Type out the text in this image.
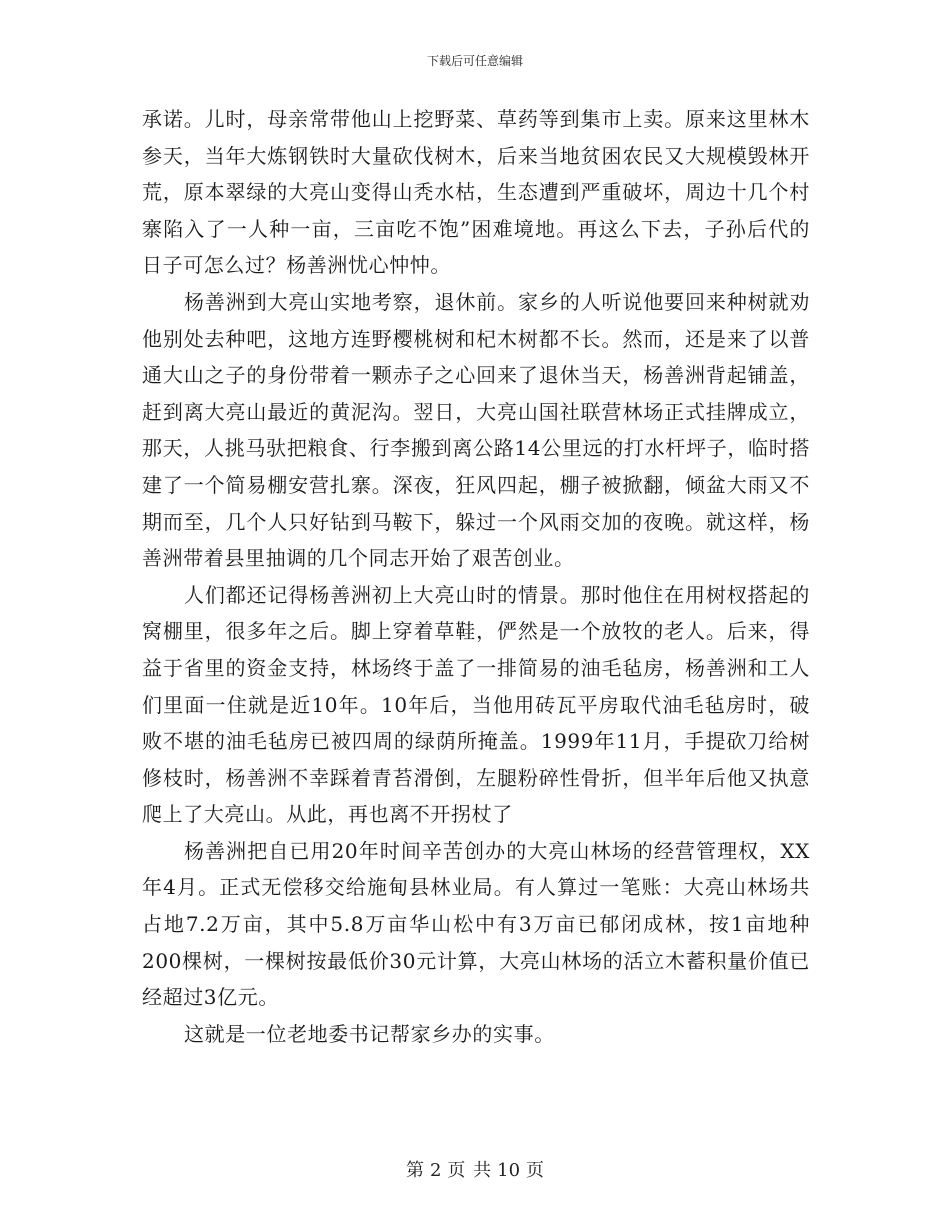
下载后可任意编辑

承诺。儿时，母亲常带他山上挖野菜、草药等到集市上卖。原来这里林木参天，当年大炼钢铁时大量砍伐树木，后来当地贫困农民又大规模毁林开荒，原本翠绿的大亮山变得山秃水枯，生态遭到严重破坏，周边十几个村寨陷入了一人种一亩，三亩吃不饱”困难境地。再这么下去，子孙后代的日子可怎么过？杨善洲忧心忡忡。

杨善洲到大亮山实地考察，退休前。家乡的人听说他要回来种树就劝他别处去种吧，这地方连野樱桃树和杞木树都不长。然而，还是来了以普通大山之子的身份带着一颗赤子之心回来了退休当天，杨善洲背起铺盖，赶到离大亮山最近的黄泥沟。翌日，大亮山国社联营林场正式挂牌成立，那天，人挑马驮把粮食、行李搬到离公路14公里远的打水杆坪子，临时搭建了一个简易棚安营扎寨。深夜，狂风四起，棚子被掀翻，倾盆大雨又不期而至，几个人只好钻到马鞍下，躲过一个风雨交加的夜晚。就这样，杨善洲带着县里抽调的几个同志开始了艰苦创业。

人们都还记得杨善洲初上大亮山时的情景。那时他住在用树杈搭起的窝棚里，很多年之后。脚上穿着草鞋，俨然是一个放牧的老人。后来，得益于省里的资金支持，林场终于盖了一排简易的油毛毡房，杨善洲和工人们里面一住就是近10年。10年后，当他用砖瓦平房取代油毛毡房时，破败不堪的油毛毡房已被四周的绿荫所掩盖。1999年11月，手提砍刀给树修枝时，杨善洲不幸踩着青苔滑倒，左腿粉碎性骨折，但半年后他又执意爬上了大亮山。从此，再也离不开拐杖了

杨善洲把自已用20年时间辛苦创办的大亮山林场的经营管理权，XX年4月。正式无偿移交给施甸县林业局。有人算过一笔账：大亮山林场共占地7.2万亩，其中5.8万亩华山松中有3万亩已郁闭成林，按1亩地种200棵树，一棵树按最低价30元计算，大亮山林场的活立木蓄积量价值已经超过3亿元。

这就是一位老地委书记帮家乡办的实事。

第 2 页 共 10 页
